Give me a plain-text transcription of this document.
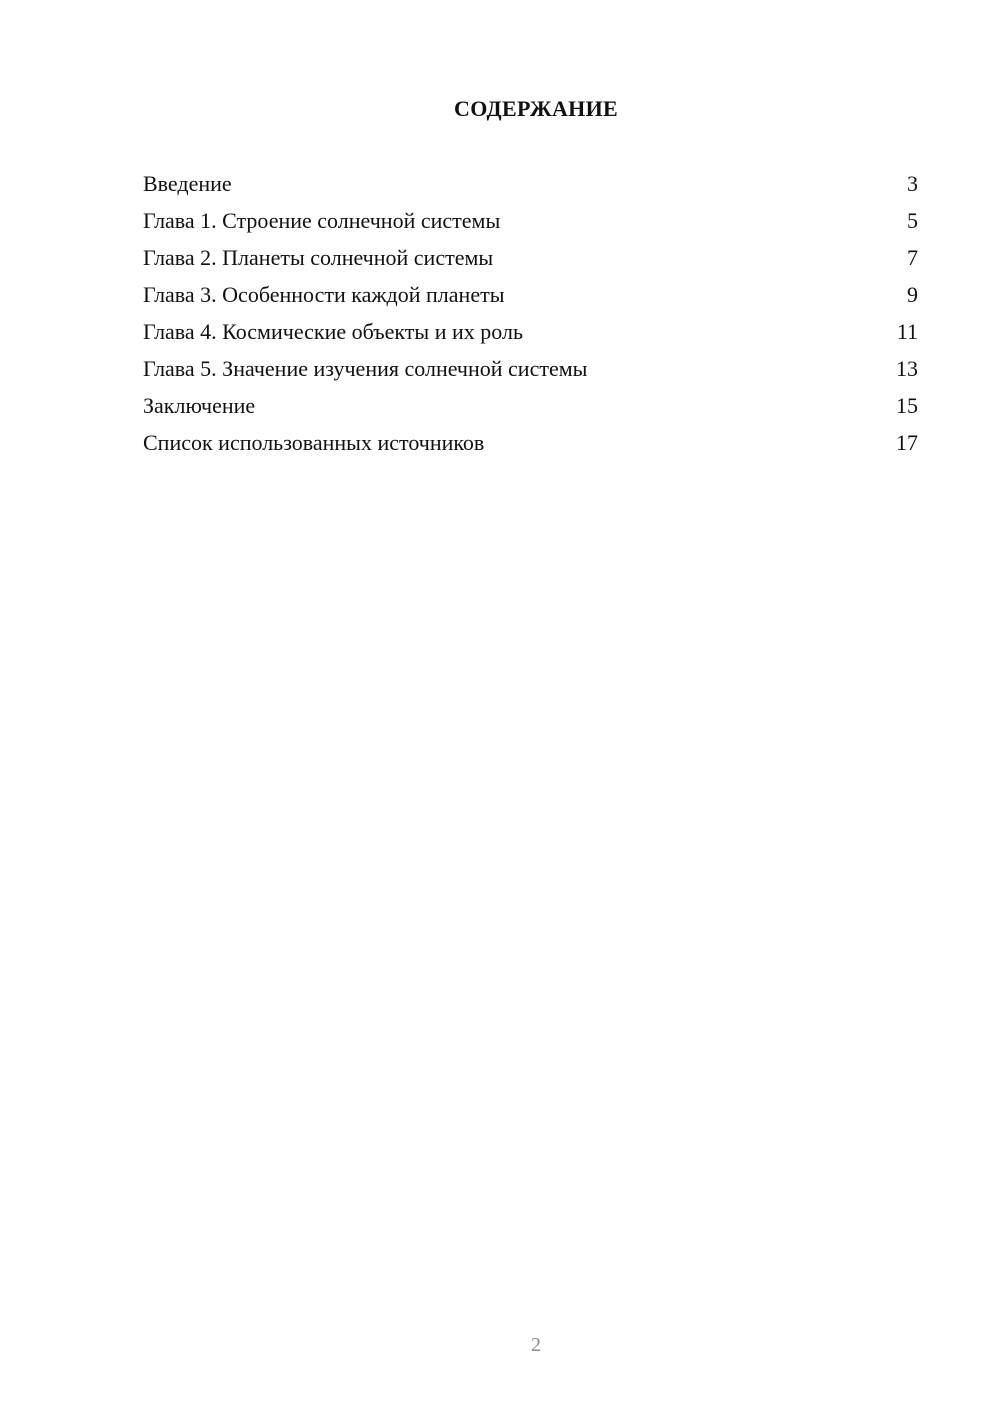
СОДЕРЖАНИЕ
Введение	3
Глава 1. Строение солнечной системы	5
Глава 2. Планеты солнечной системы	7
Глава 3. Особенности каждой планеты	9
Глава 4. Космические объекты и их роль	11
Глава 5. Значение изучения солнечной системы	13
Заключение	15
Список использованных источников	17
2
